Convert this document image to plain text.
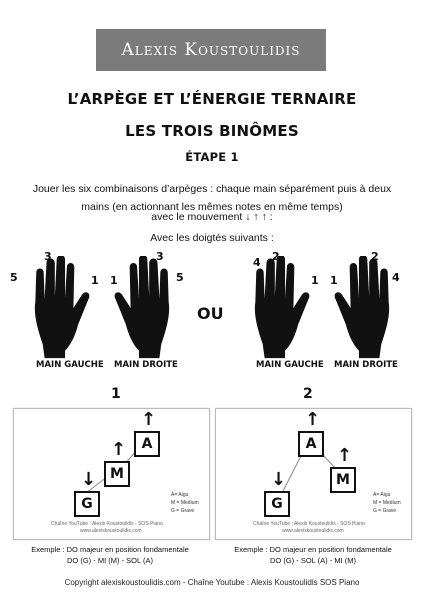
Alexis Koustoulidis
L’ARPÈGE ET L’ÉNERGIE TERNAIRE
LES TROIS BINÔMES
ÉTAPE 1
Jouer les six combinaisons d’arpèges : chaque main séparément puis à deux mains (en actionnant les mêmes notes en même temps)
avec le mouvement ↓ ↑ ↑ :
Avec les doigtés suivants :
5
3
1 1
3
5
MAIN GAUCHE MAIN DROITE
OU
4 2
1 1
2
4
MAIN GAUCHE MAIN DROITE
1
G
M
A
↓
↑
↑
A= Aigu
M = Medium
G = Grave
Chaîne YouTube : Alexis Koustoulidis - SOS Piano
www.alexiskoustoulidis.com
Exemple : DO majeur en position fondamentale
DO (G) - MI (M) - SOL (A)
2
G
A
M
↓
↑
↑
A= Aigu
M = Medium
G = Grave
Chaîne YouTube : Alexis Koustoulidis - SOS Piano
www.alexiskoustoulidis.com
Exemple : DO majeur en position fondamentale
DO (G) - SOL (A) - MI (M)
Copyright alexiskoustoulidis.com - Chaîne Youtube : Alexis Koustoulidis SOS Piano
